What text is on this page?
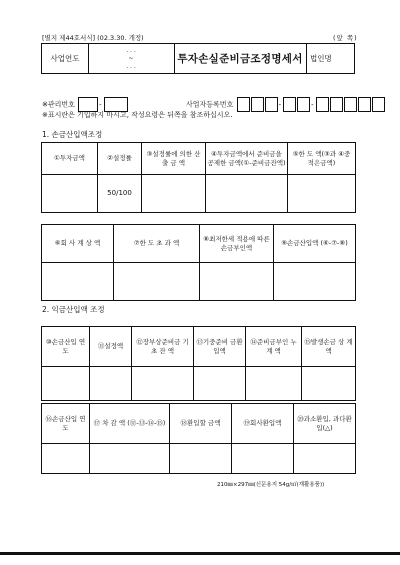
[별지 제44호서식] (02.3.30. 개정)	(앞 쪽)
사업연도
. . .
~
. . .
투자손실준비금조정명세서 법인명
※관리번호	-	사업자등록번호	-	-
※표시란은 기입하지 마시고, 작성요령은 뒤쪽을 참조하십시오.
1. 손금산입액조정
①투자금액	②설정률	③설정률에 의한 산 출 금 액	④투자금액에서 준비금을 공제한 금액(①-준비금잔액)	⑤한 도 액(③과 ④중 적은금액)
	50/100			
⑥회 사 계 상 액	⑦한 도 초 과 액	⑧최저한세 적용에 따른 손금부인액	⑨손금산입액 (⑥-⑦-⑧)

2. 익금산입액 조정
⑩손금산입 연 도	⑪설정액	⑫장부상준비금 기 초 잔 액	⑬기중준비 금환입액	⑭준비금부인 누 계 액	⑮발생손금 상 계 액

⑯손금산입 연 도	⑰ 차 감 액 (⑪-⑬-⑭-⑮)	⑱환입할 금액	⑲회사환입액	⑳과소환입, 과다환입(△)

210㎜×297㎜(신문용지 54g/㎡(재활용품))
